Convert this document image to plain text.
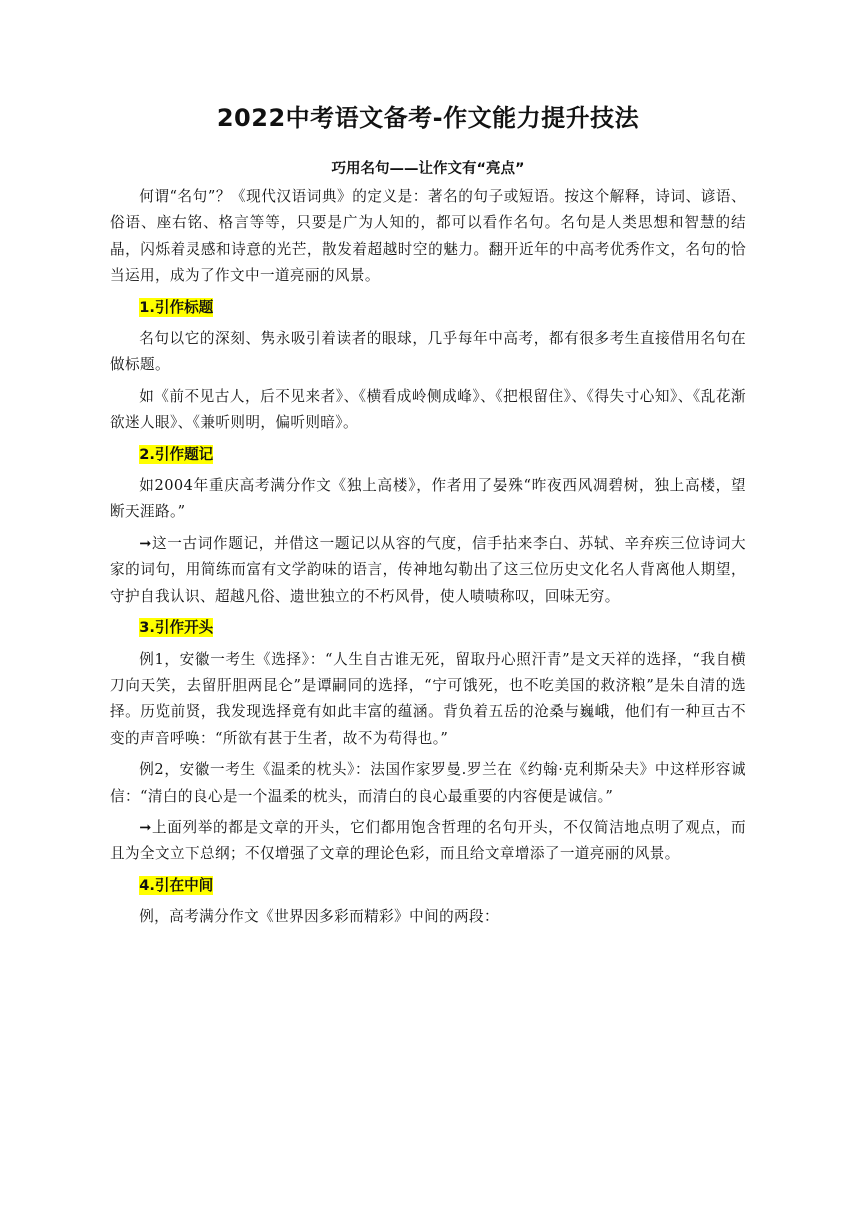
2022中考语文备考-作文能力提升技法
巧用名句——让作文有“亮点”

何谓“名句”？《现代汉语词典》的定义是：著名的句子或短语。按这个解释，诗词、谚语、俗语、座右铭、格言等等，只要是广为人知的，都可以看作名句。名句是人类思想和智慧的结晶，闪烁着灵感和诗意的光芒，散发着超越时空的魅力。翻开近年的中高考优秀作文，名句的恰当运用，成为了作文中一道亮丽的风景。

1.引作标题

名句以它的深刻、隽永吸引着读者的眼球，几乎每年中高考，都有很多考生直接借用名句在做标题。

如《前不见古人，后不见来者》、《横看成岭侧成峰》、《把根留住》、《得失寸心知》、《乱花渐欲迷人眼》、《兼听则明，偏听则暗》。

2.引作题记

如2004年重庆高考满分作文《独上高楼》，作者用了晏殊“昨夜西风凋碧树，独上高楼，望断天涯路。”

➞这一古词作题记，并借这一题记以从容的气度，信手拈来李白、苏轼、辛弃疾三位诗词大家的词句，用简练而富有文学韵味的语言，传神地勾勒出了这三位历史文化名人背离他人期望，守护自我认识、超越凡俗、遗世独立的不朽风骨，使人啧啧称叹，回味无穷。

3.引作开头

例1，安徽一考生《选择》：“人生自古谁无死，留取丹心照汗青”是文天祥的选择，“我自横刀向天笑，去留肝胆两昆仑”是谭嗣同的选择，“宁可饿死，也不吃美国的救济粮”是朱自清的选择。历览前贤，我发现选择竟有如此丰富的蕴涵。背负着五岳的沧桑与巍峨，他们有一种亘古不变的声音呼唤：“所欲有甚于生者，故不为苟得也。”

例2，安徽一考生《温柔的枕头》：法国作家罗曼.罗兰在《约翰·克利斯朵夫》中这样形容诚信：“清白的良心是一个温柔的枕头，而清白的良心最重要的内容便是诚信。”

➞上面列举的都是文章的开头，它们都用饱含哲理的名句开头，不仅简洁地点明了观点，而且为全文立下总纲；不仅增强了文章的理论色彩，而且给文章增添了一道亮丽的风景。

4.引在中间

例，高考满分作文《世界因多彩而精彩》中间的两段：
